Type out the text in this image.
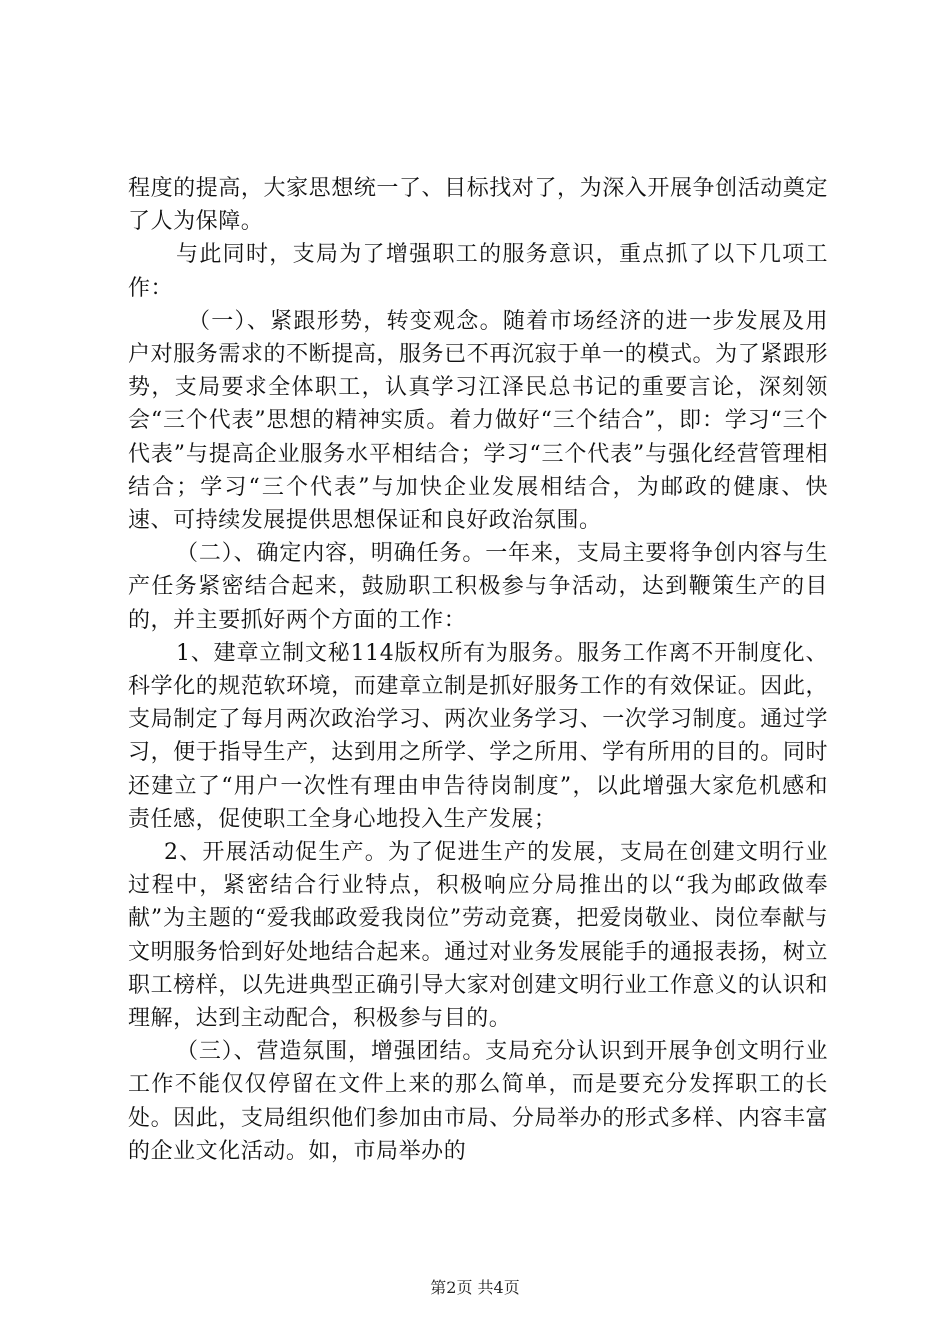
程度的提高，大家思想统一了、目标找对了，为深入开展争创活动奠定了人为保障。

与此同时，支局为了增强职工的服务意识，重点抓了以下几项工作：

（一）、紧跟形势，转变观念。随着市场经济的进一步发展及用户对服务需求的不断提高，服务已不再沉寂于单一的模式。为了紧跟形势，支局要求全体职工，认真学习江泽民总书记的重要言论，深刻领会“三个代表”思想的精神实质。着力做好“三个结合”，即：学习“三个代表”与提高企业服务水平相结合；学习“三个代表”与强化经营管理相结合；学习“三个代表”与加快企业发展相结合，为邮政的健康、快速、可持续发展提供思想保证和良好政治氛围。

（二）、确定内容，明确任务。一年来，支局主要将争创内容与生产任务紧密结合起来，鼓励职工积极参与争活动，达到鞭策生产的目的，并主要抓好两个方面的工作：

1、建章立制文秘114版权所有为服务。服务工作离不开制度化、科学化的规范软环境，而建章立制是抓好服务工作的有效保证。因此，支局制定了每月两次政治学习、两次业务学习、一次学习制度。通过学习，便于指导生产，达到用之所学、学之所用、学有所用的目的。同时还建立了“用户一次性有理由申告待岗制度”，以此增强大家危机感和责任感，促使职工全身心地投入生产发展；

2、开展活动促生产。为了促进生产的发展，支局在创建文明行业过程中，紧密结合行业特点，积极响应分局推出的以“我为邮政做奉献”为主题的“爱我邮政爱我岗位”劳动竞赛，把爱岗敬业、岗位奉献与文明服务恰到好处地结合起来。通过对业务发展能手的通报表扬，树立职工榜样，以先进典型正确引导大家对创建文明行业工作意义的认识和理解，达到主动配合，积极参与目的。

（三）、营造氛围，增强团结。支局充分认识到开展争创文明行业工作不能仅仅停留在文件上来的那么简单，而是要充分发挥职工的长处。因此，支局组织他们参加由市局、分局举办的形式多样、内容丰富的企业文化活动。如，市局举办的

第2页 共4页
